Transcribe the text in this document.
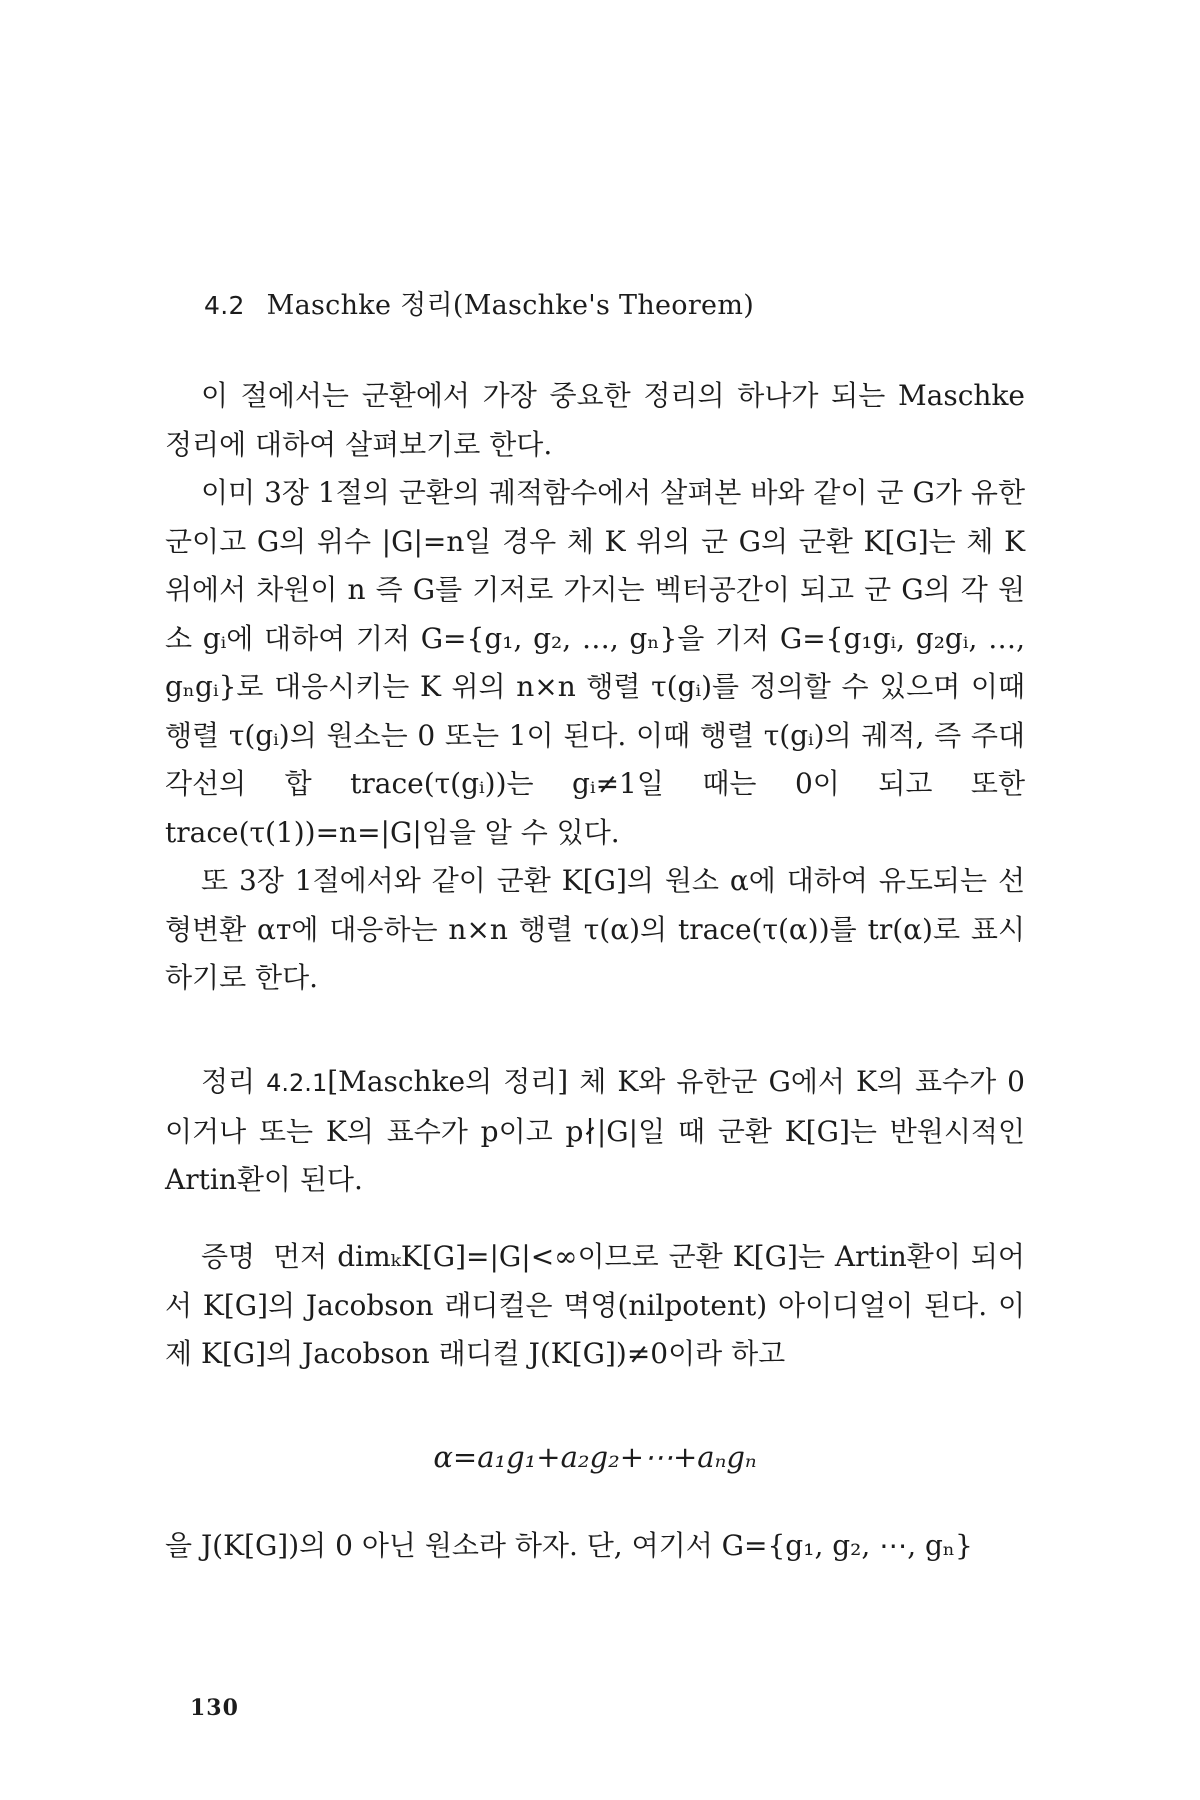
4.2 Maschke 정리(Maschke's Theorem)

이 절에서는 군환에서 가장 중요한 정리의 하나가 되는 Maschke 정리에 대하여 살펴보기로 한다.

이미 3장 1절의 군환의 궤적함수에서 살펴본 바와 같이 군 G가 유한군이고 G의 위수 |G|=n일 경우 체 K 위의 군 G의 군환 K[G]는 체 K 위에서 차원이 n 즉 G를 기저로 가지는 벡터공간이 되고 군 G의 각 원소 gᵢ에 대하여 기저 G={g₁, g₂, …, gₙ}을 기저 G={g₁gᵢ, g₂gᵢ, …, gₙgᵢ}로 대응시키는 K 위의 n×n 행렬 τ(gᵢ)를 정의할 수 있으며 이때 행렬 τ(gᵢ)의 원소는 0 또는 1이 된다. 이때 행렬 τ(gᵢ)의 궤적, 즉 주대각선의 합 trace(τ(gᵢ))는 gᵢ≠1일 때는 0이 되고 또한 trace(τ(1))=n=|G|임을 알 수 있다.

또 3장 1절에서와 같이 군환 K[G]의 원소 α에 대하여 유도되는 선형변환 αᴛ에 대응하는 n×n 행렬 τ(α)의 trace(τ(α))를 tr(α)로 표시하기로 한다.

정리 4.2.1[Maschke의 정리] 체 K와 유한군 G에서 K의 표수가 0이거나 또는 K의 표수가 p이고 p∤|G|일 때 군환 K[G]는 반원시적인 Artin환이 된다.

증명 먼저 dimₖK[G]=|G|<∞이므로 군환 K[G]는 Artin환이 되어서 K[G]의 Jacobson 래디컬은 멱영(nilpotent) 아이디얼이 된다. 이제 K[G]의 Jacobson 래디컬 J(K[G])≠0이라 하고

α=a₁g₁+a₂g₂+⋯+aₙgₙ

을 J(K[G])의 0 아닌 원소라 하자. 단, 여기서 G={g₁, g₂, ⋯, gₙ}

130
